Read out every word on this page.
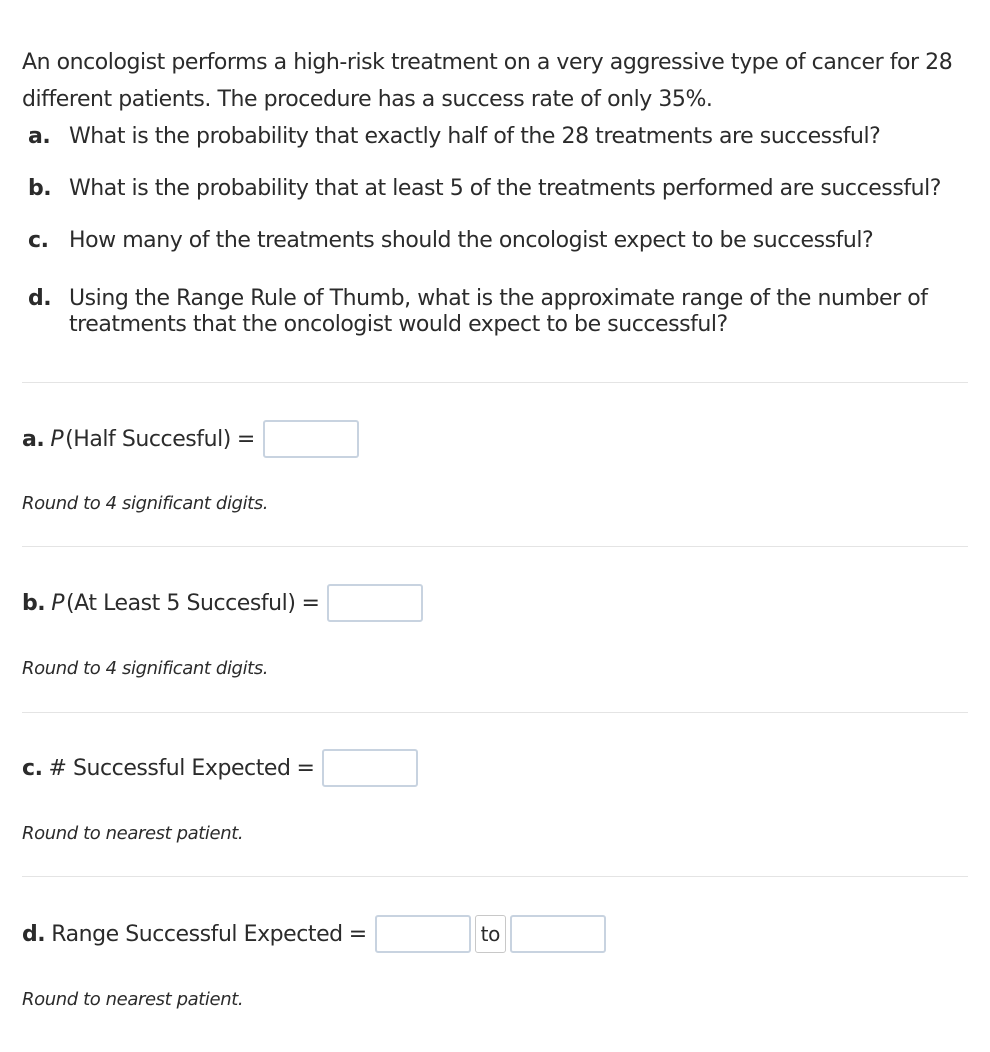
An oncologist performs a high-risk treatment on a very aggressive type of cancer for 28 different patients. The procedure has a success rate of only 35%.
a. What is the probability that exactly half of the 28 treatments are successful?
b. What is the probability that at least 5 of the treatments performed are successful?
c. How many of the treatments should the oncologist expect to be successful?
d. Using the Range Rule of Thumb, what is the approximate range of the number of treatments that the oncologist would expect to be successful?
a. P (Half Succesful) =
Round to 4 significant digits.
b. P (At Least 5 Succesful) =
Round to 4 significant digits.
c. # Successful Expected =
Round to nearest patient.
d. Range Successful Expected =	to
Round to nearest patient.
